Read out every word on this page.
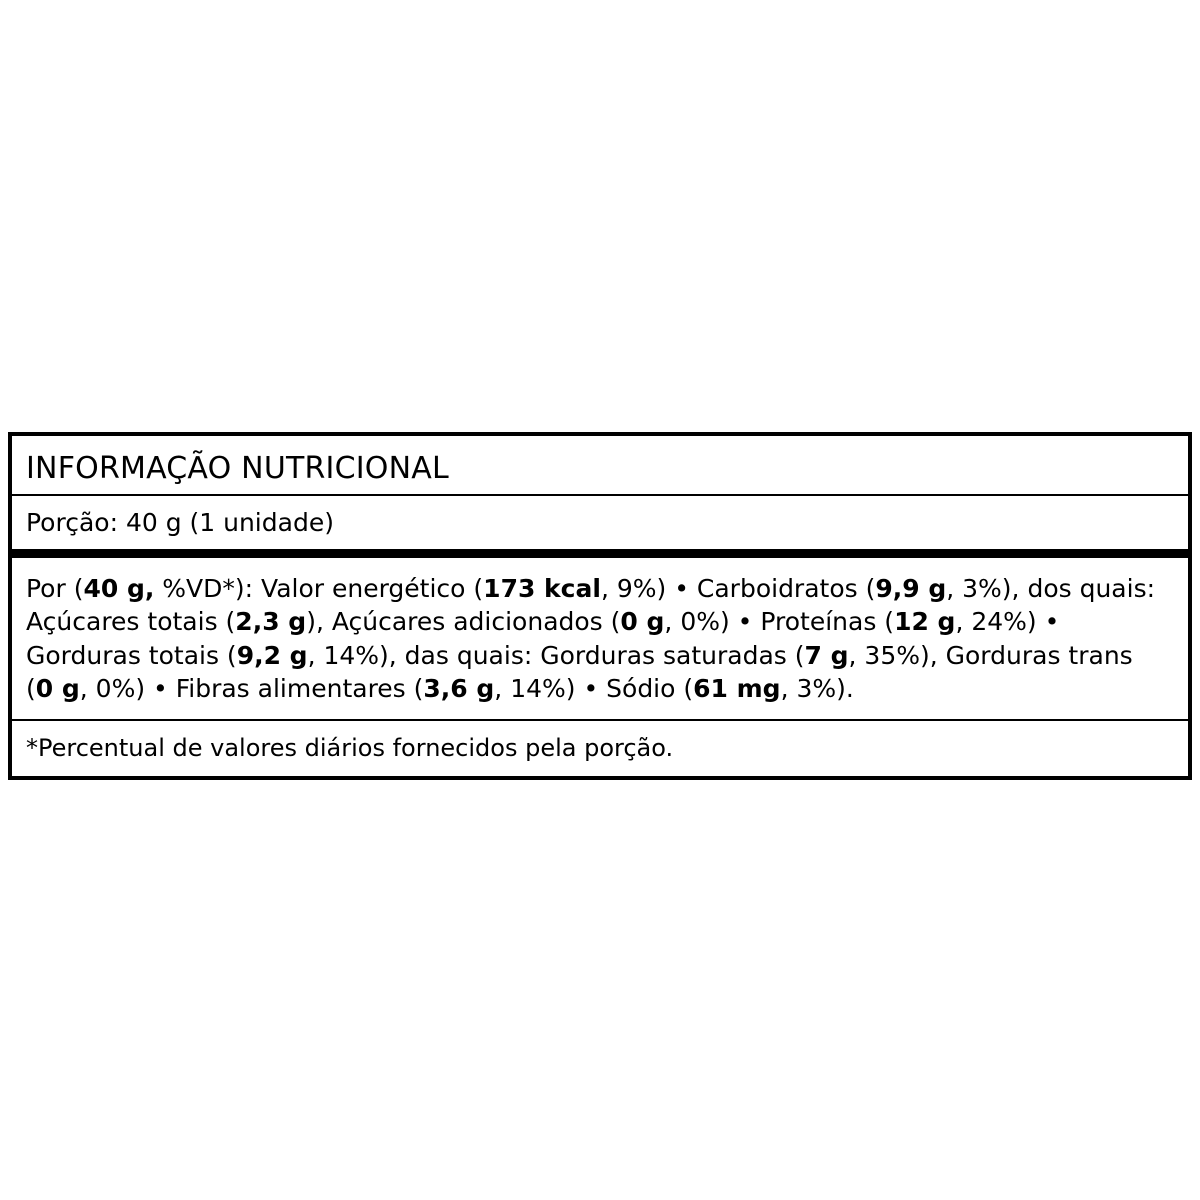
INFORMAÇÃO NUTRICIONAL
Porção: 40 g (1 unidade)
Por (40 g, %VD*): Valor energético (173 kcal, 9%) • Carboidratos (9,9 g, 3%), dos quais: Açúcares totais (2,3 g), Açúcares adicionados (0 g, 0%) • Proteínas (12 g, 24%) • Gorduras totais (9,2 g, 14%), das quais: Gorduras saturadas (7 g, 35%), Gorduras trans (0 g, 0%) • Fibras alimentares (3,6 g, 14%) • Sódio (61 mg, 3%).
*Percentual de valores diários fornecidos pela porção.
